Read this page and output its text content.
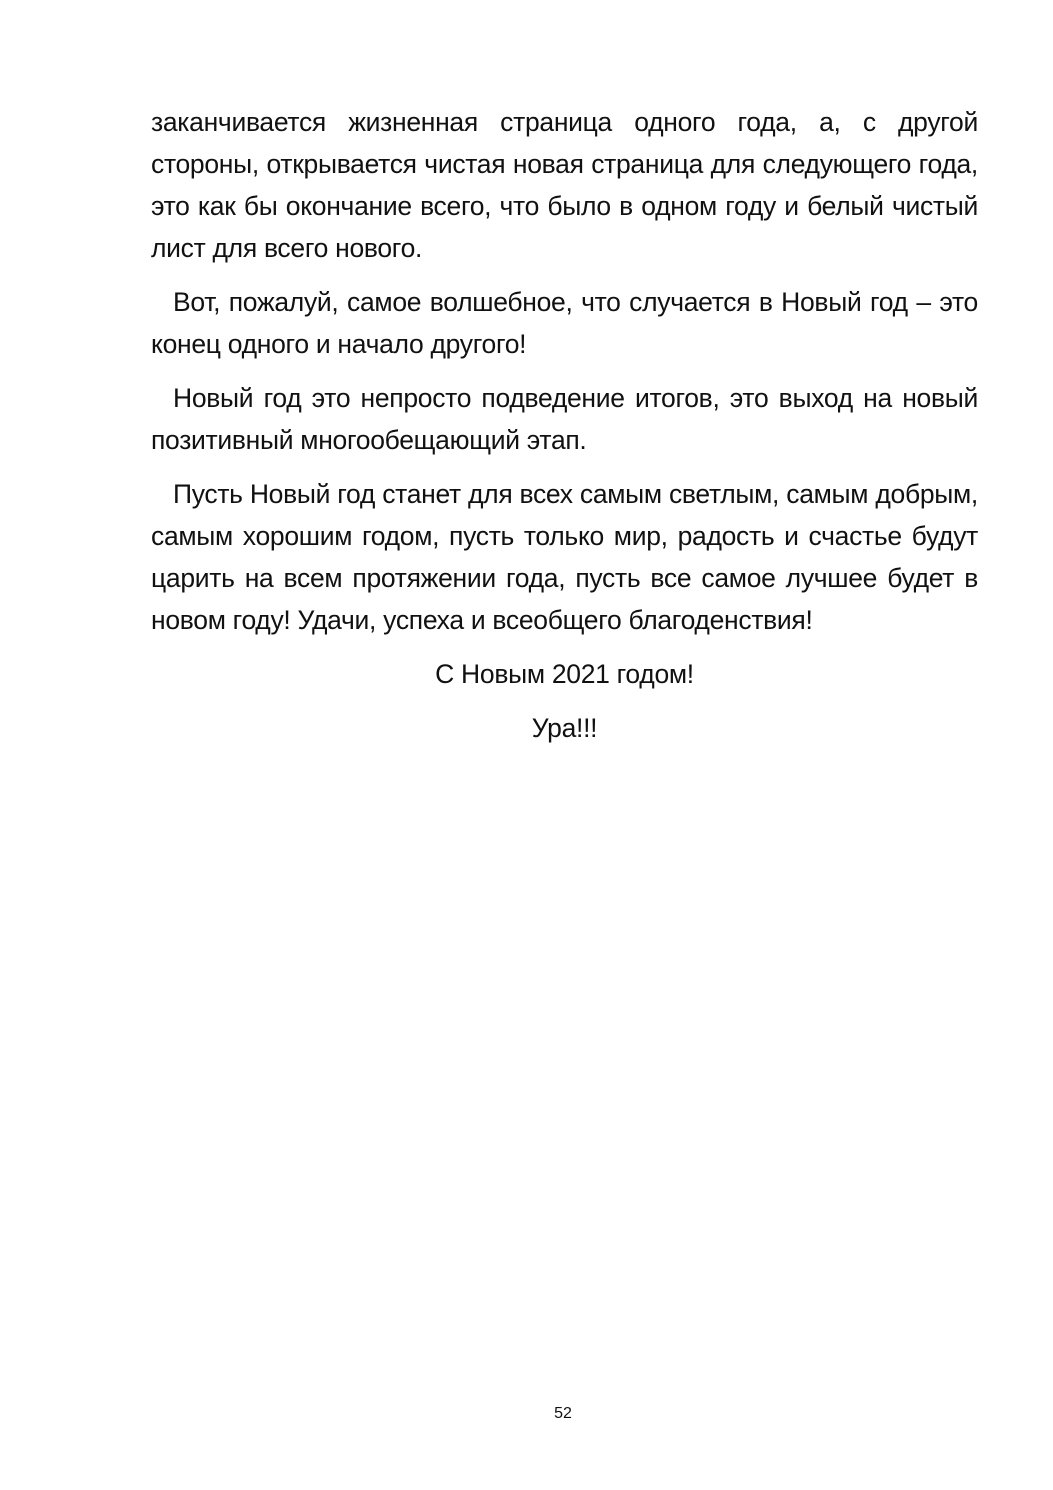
заканчивается жизненная страница одного года, а, с другой стороны, открывается чистая новая страница для следующего года, это как бы окончание всего, что было в одном году и белый чистый лист для всего нового.

Вот, пожалуй, самое волшебное, что случается в Новый год – это конец одного и начало другого!

Новый год это непросто подведение итогов, это выход на новый позитивный многообещающий этап.

Пусть Новый год станет для всех самым светлым, самым добрым, самым хорошим годом, пусть только мир, радость и счастье будут царить на всем протяжении года, пусть все самое лучшее будет в новом году! Удачи, успеха и всеобщего благоденствия!

С Новым 2021 годом!

Ура!!!

52
